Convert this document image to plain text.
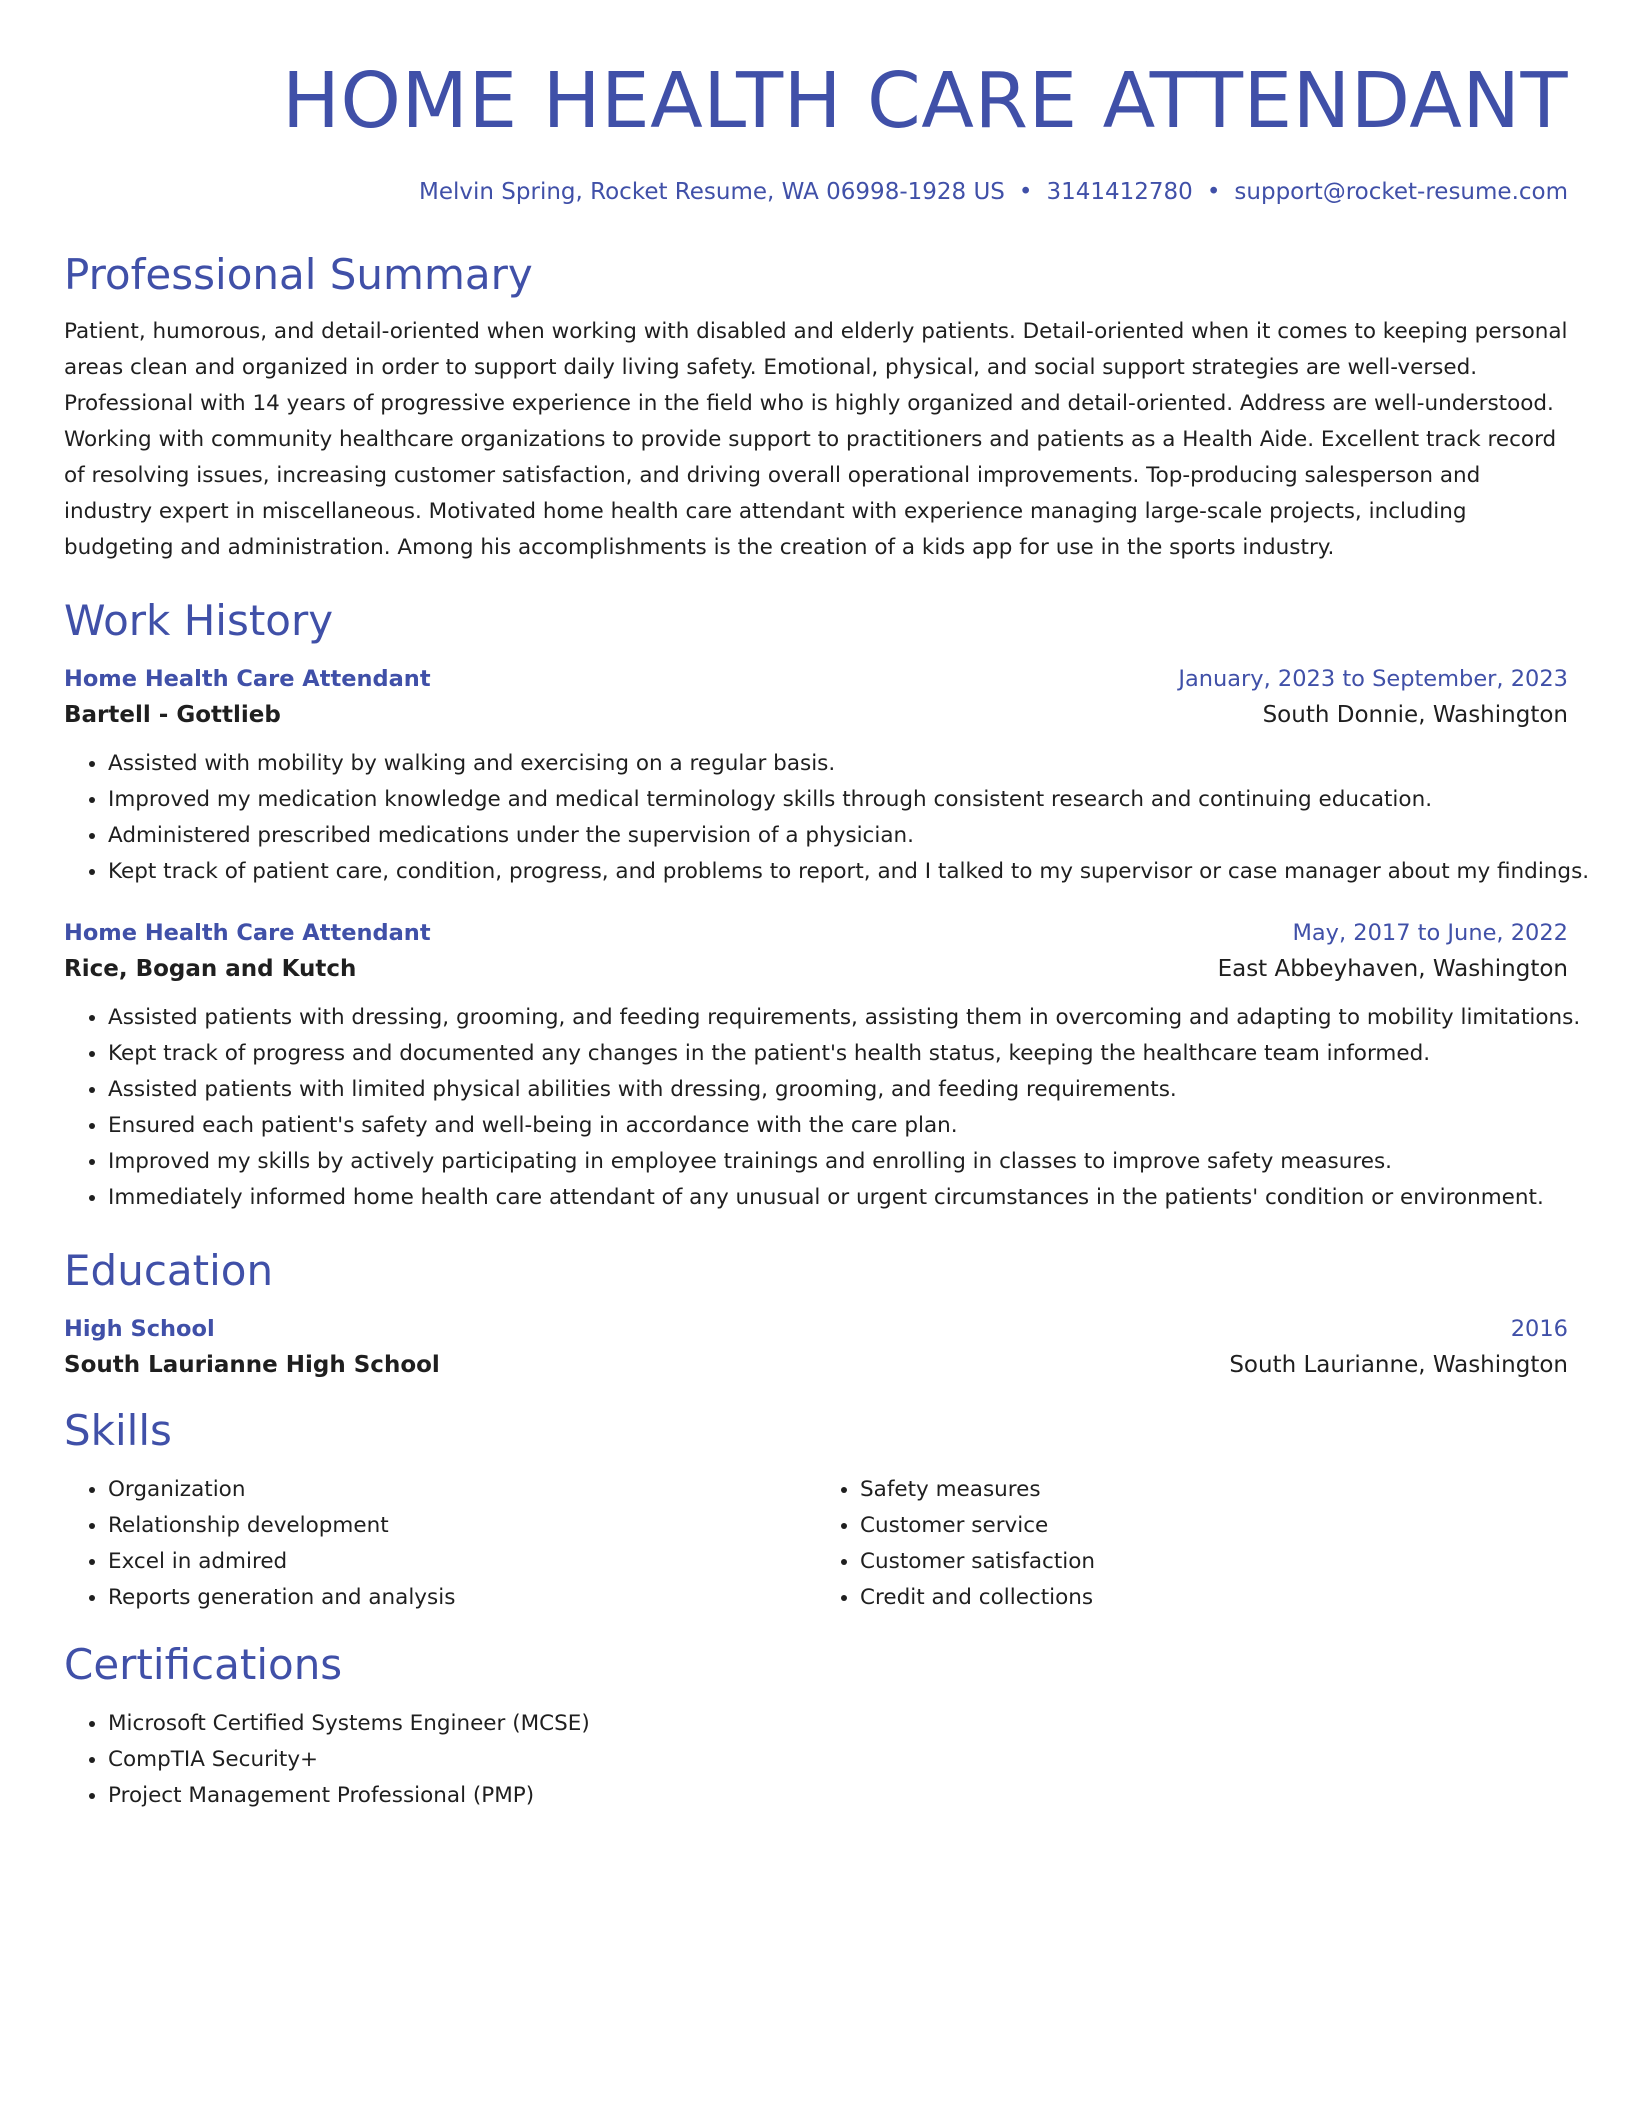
HOME HEALTH CARE ATTENDANT
Melvin Spring, Rocket Resume, WA 06998-1928 US • 3141412780 • support@rocket-resume.com
Professional Summary

Patient, humorous, and detail-oriented when working with disabled and elderly patients. Detail-oriented when it comes to keeping personal areas clean and organized in order to support daily living safety. Emotional, physical, and social support strategies are well-versed. Professional with 14 years of progressive experience in the field who is highly organized and detail-oriented. Address are well-understood. Working with community healthcare organizations to provide support to practitioners and patients as a Health Aide. Excellent track record of resolving issues, increasing customer satisfaction, and driving overall operational improvements. Top-producing salesperson and industry expert in miscellaneous. Motivated home health care attendant with experience managing large-scale projects, including budgeting and administration. Among his accomplishments is the creation of a kids app for use in the sports industry.

Work History
Home Health Care Attendant	January, 2023 to September, 2023
Bartell - Gottlieb	South Donnie, Washington
• Assisted with mobility by walking and exercising on a regular basis.
• Improved my medication knowledge and medical terminology skills through consistent research and continuing education.
• Administered prescribed medications under the supervision of a physician.
• Kept track of patient care, condition, progress, and problems to report, and I talked to my supervisor or case manager about my findings.
Home Health Care Attendant	May, 2017 to June, 2022
Rice, Bogan and Kutch	East Abbeyhaven, Washington
• Assisted patients with dressing, grooming, and feeding requirements, assisting them in overcoming and adapting to mobility limitations.
• Kept track of progress and documented any changes in the patient's health status, keeping the healthcare team informed.
• Assisted patients with limited physical abilities with dressing, grooming, and feeding requirements.
• Ensured each patient's safety and well-being in accordance with the care plan.
• Improved my skills by actively participating in employee trainings and enrolling in classes to improve safety measures.
• Immediately informed home health care attendant of any unusual or urgent circumstances in the patients' condition or environment.
Education
High School	2016
South Laurianne High School	South Laurianne, Washington
Skills
• Organization
• Relationship development
• Excel in admired
• Reports generation and analysis
• Safety measures
• Customer service
• Customer satisfaction
• Credit and collections
Certifications
• Microsoft Certified Systems Engineer (MCSE)
• CompTIA Security+
• Project Management Professional (PMP)
